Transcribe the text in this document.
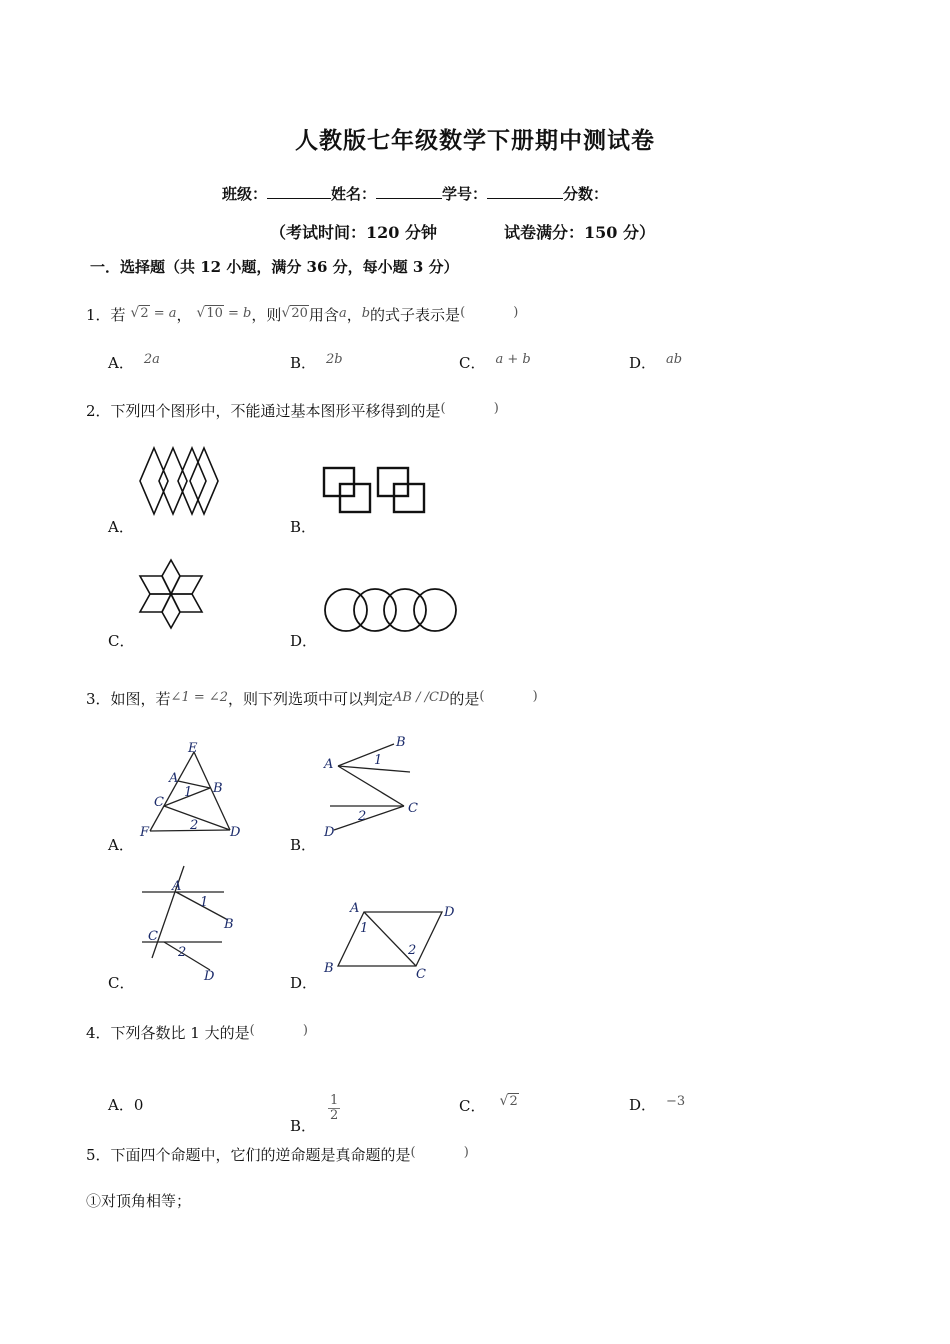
人教版七年级数学下册期中测试卷
班级：	姓名：	学号：	分数：
（考试时间：120 分钟	试卷满分：150 分）
一．选择题（共 12 小题，满分 36 分，每小题 3 分）
1．若 √ 2 = a， √ 10 = b，则 √ 20用含a，b的式子表示是( )
A． 2a	B． 2b	C． a + b	D． ab
2．下列四个图形中，不能通过基本图形平移得到的是( )
A．	B．
C．	D．
3．如图，若∠1 = ∠2，则下列选项中可以判定AB / /CD的是( )
E
A
B
C
F	D
1
2
A．
A
B
C
D
1
2
B．
A
B
C
D
1
2
C．
A	D
B	C
1
2
D．
4．下列各数比 1 大的是( )
A．0
B．
$\frac{1}{2}$	C． √ 2	D． −3
5．下面四个命题中，它们的逆命题是真命题的是( )
①对顶角相等；
